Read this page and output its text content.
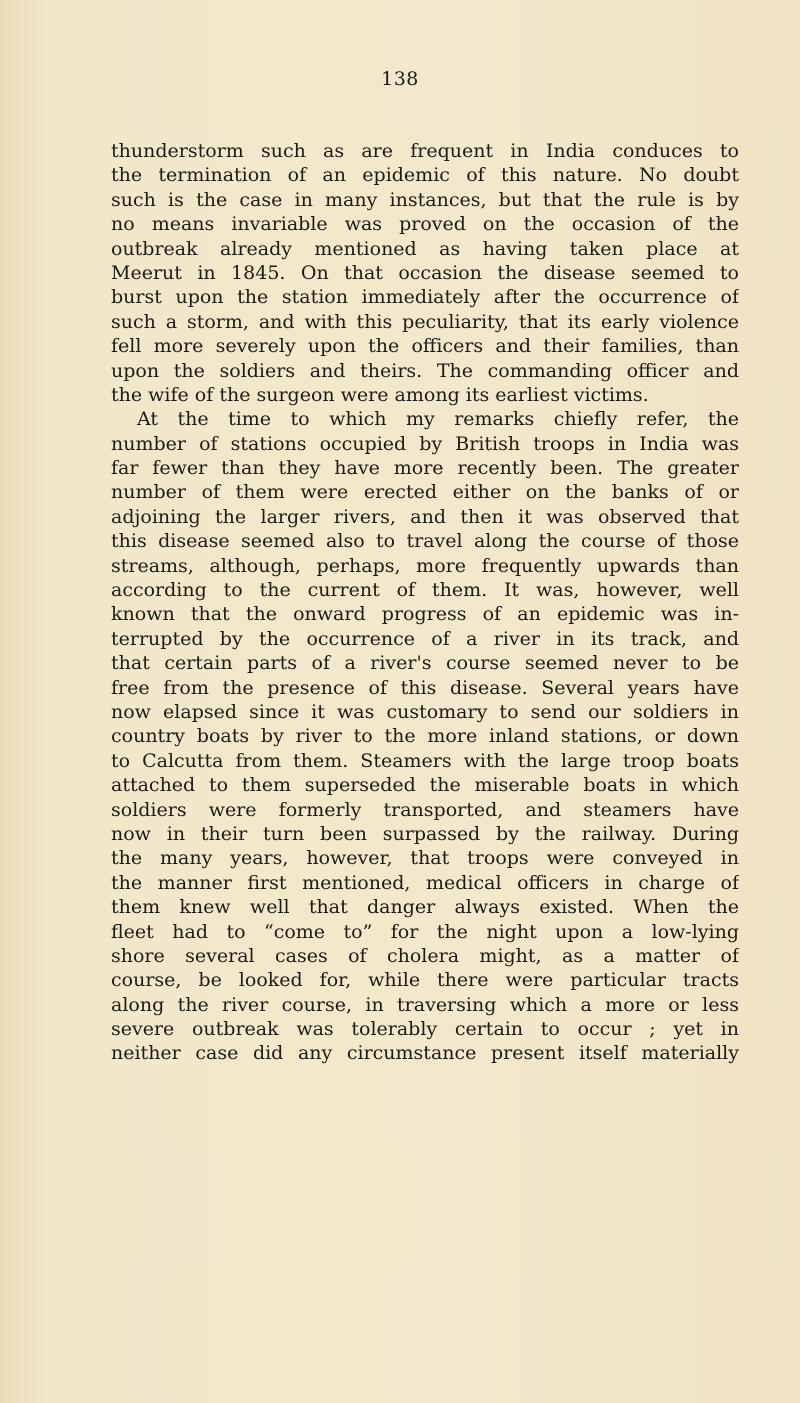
138
thunderstorm such as are frequent in India conduces to
the termination of an epidemic of this nature. No doubt
such is the case in many instances, but that the rule is by
no means invariable was proved on the occasion of the
outbreak already mentioned as having taken place at
Meerut in 1845. On that occasion the disease seemed to
burst upon the station immediately after the occurrence of
such a storm, and with this peculiarity, that its early violence
fell more severely upon the officers and their families, than
upon the soldiers and theirs. The commanding officer and
the wife of the surgeon were among its earliest victims.
At the time to which my remarks chiefly refer, the
number of stations occupied by British troops in India was
far fewer than they have more recently been. The greater
number of them were erected either on the banks of or
adjoining the larger rivers, and then it was observed that
this disease seemed also to travel along the course of those
streams, although, perhaps, more frequently upwards than
according to the current of them. It was, however, well
known that the onward progress of an epidemic was in-
terrupted by the occurrence of a river in its track, and
that certain parts of a river's course seemed never to be
free from the presence of this disease. Several years have
now elapsed since it was customary to send our soldiers in
country boats by river to the more inland stations, or down
to Calcutta from them. Steamers with the large troop boats
attached to them superseded the miserable boats in which
soldiers were formerly transported, and steamers have
now in their turn been surpassed by the railway. During
the many years, however, that troops were conveyed in
the manner first mentioned, medical officers in charge of
them knew well that danger always existed. When the
fleet had to “come to” for the night upon a low-lying
shore several cases of cholera might, as a matter of
course, be looked for, while there were particular tracts
along the river course, in traversing which a more or less
severe outbreak was tolerably certain to occur ; yet in
neither case did any circumstance present itself materially
